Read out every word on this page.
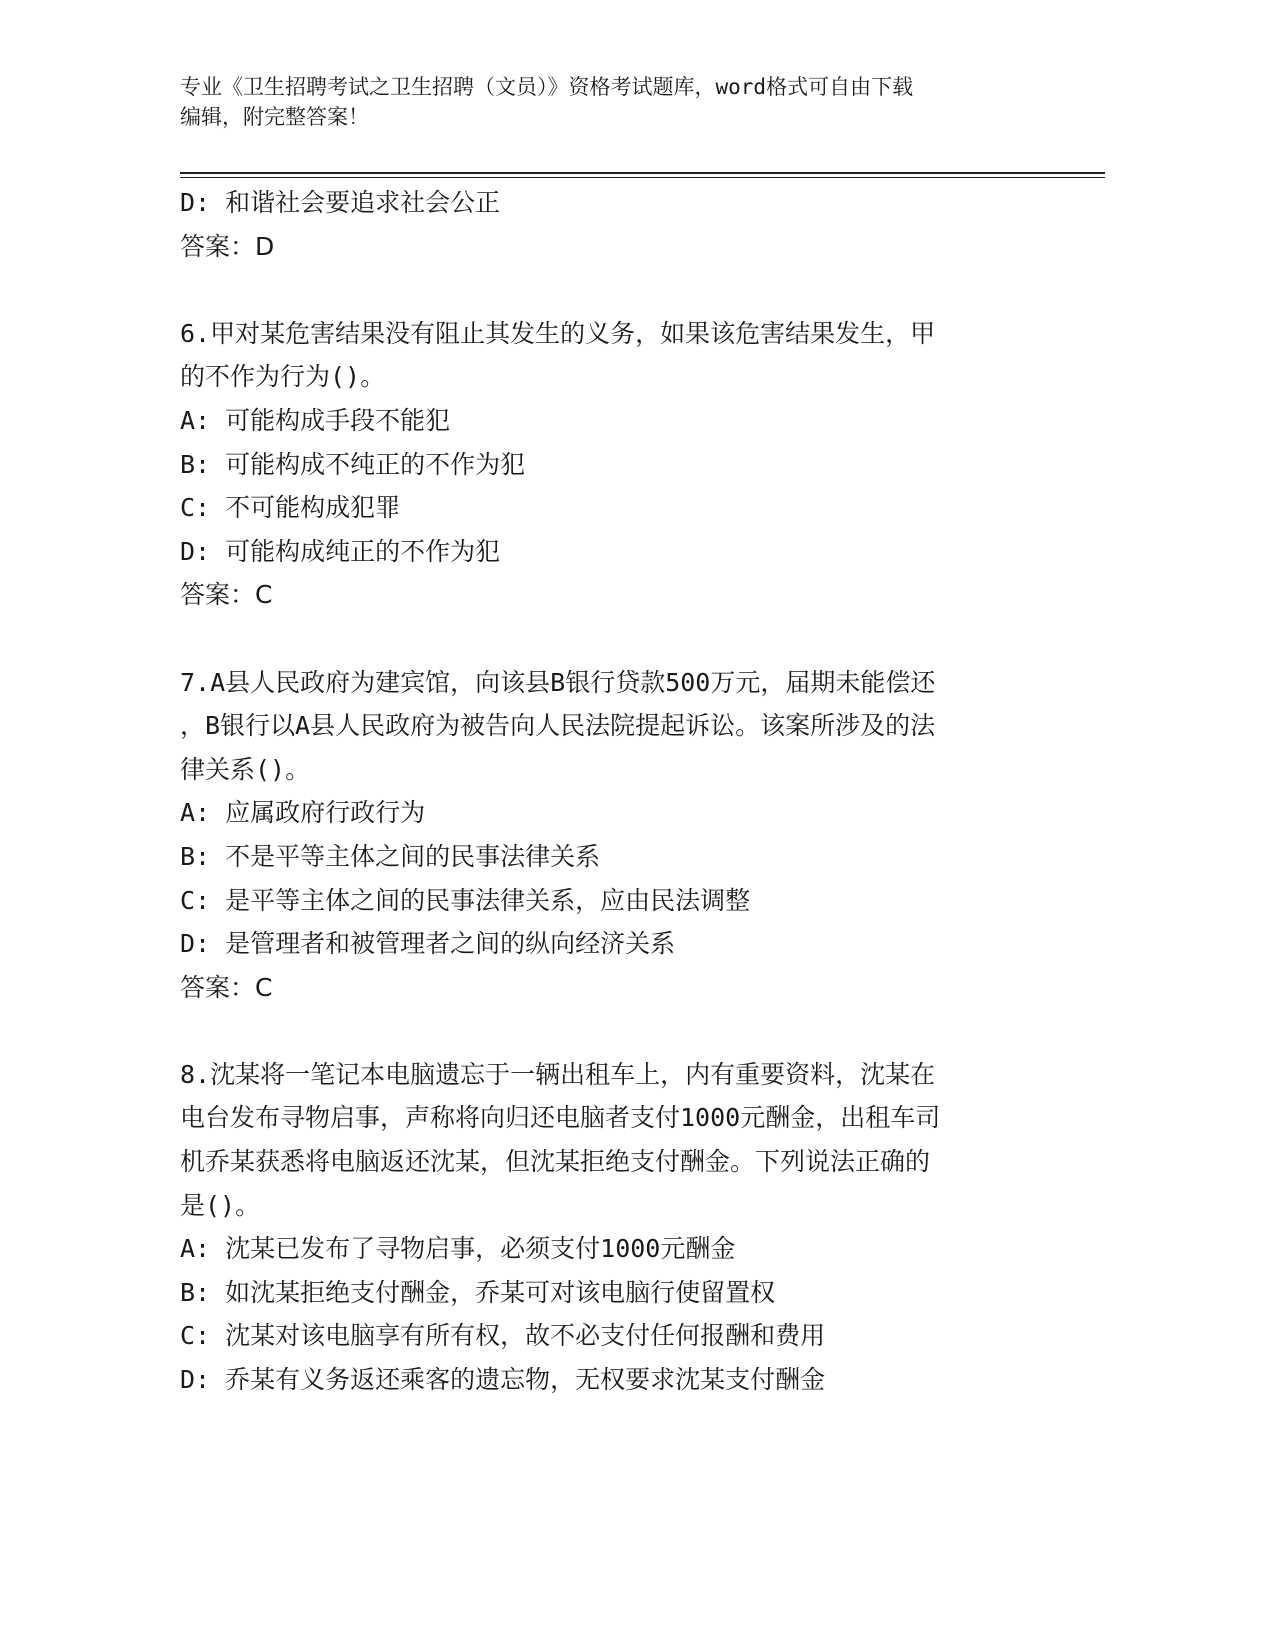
专业《卫生招聘考试之卫生招聘（文员）》资格考试题库，word格式可自由下载
编辑，附完整答案！
D: 和谐社会要追求社会公正
答案：D
6.甲对某危害结果没有阻止其发生的义务，如果该危害结果发生，甲
的不作为行为()。
A: 可能构成手段不能犯
B: 可能构成不纯正的不作为犯
C: 不可能构成犯罪
D: 可能构成纯正的不作为犯
答案：C
7.A县人民政府为建宾馆，向该县B银行贷款500万元，届期未能偿还
，B银行以A县人民政府为被告向人民法院提起诉讼。该案所涉及的法
律关系()。
A: 应属政府行政行为
B: 不是平等主体之间的民事法律关系
C: 是平等主体之间的民事法律关系，应由民法调整
D: 是管理者和被管理者之间的纵向经济关系
答案：C
8.沈某将一笔记本电脑遗忘于一辆出租车上，内有重要资料，沈某在
电台发布寻物启事，声称将向归还电脑者支付1000元酬金，出租车司
机乔某获悉将电脑返还沈某，但沈某拒绝支付酬金。下列说法正确的
是()。
A: 沈某已发布了寻物启事，必须支付1000元酬金
B: 如沈某拒绝支付酬金，乔某可对该电脑行使留置权
C: 沈某对该电脑享有所有权，故不必支付任何报酬和费用
D: 乔某有义务返还乘客的遗忘物，无权要求沈某支付酬金
